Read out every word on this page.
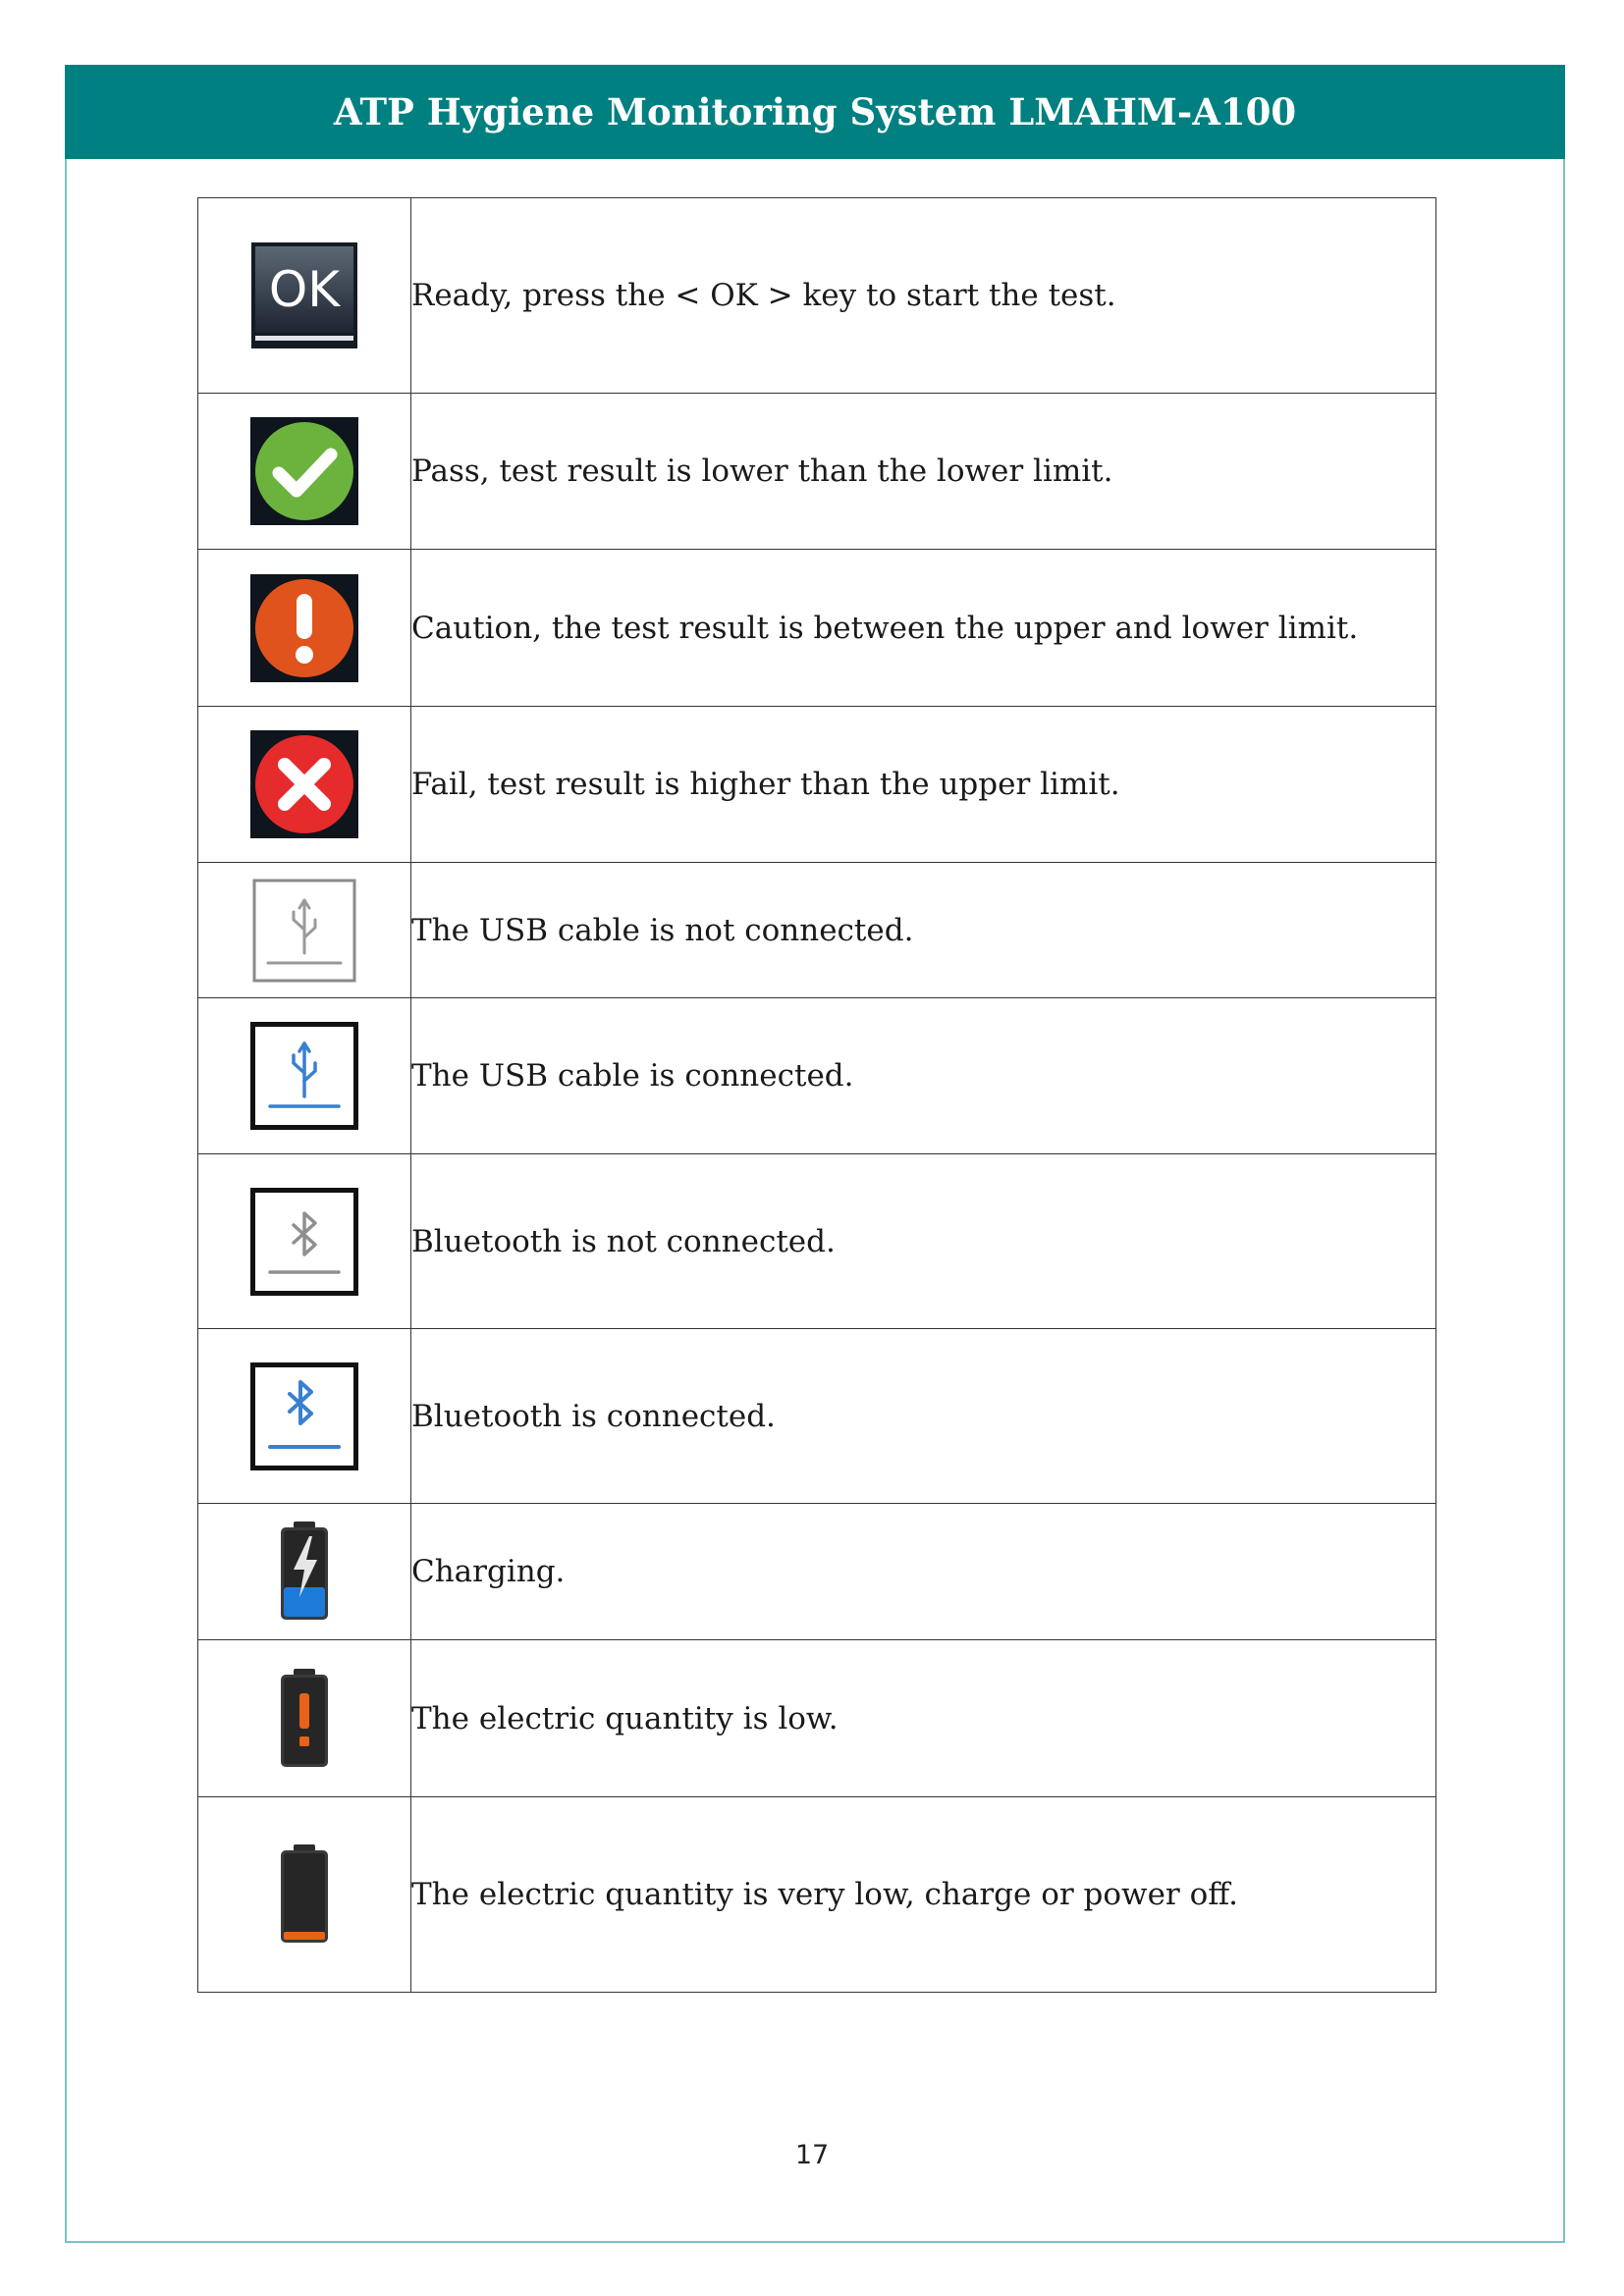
ATP Hygiene Monitoring System LMAHM-A100
OK	Ready, press the < OK > key to start the test.

	Pass, test result is lower than the lower limit.

	Caution, the test result is between the upper and lower limit.

	Fail, test result is higher than the upper limit.

	The USB cable is not connected.

	The USB cable is connected.

	Bluetooth is not connected.

	Bluetooth is connected.

	Charging.

	The electric quantity is low.

	The electric quantity is very low, charge or power off.
17
